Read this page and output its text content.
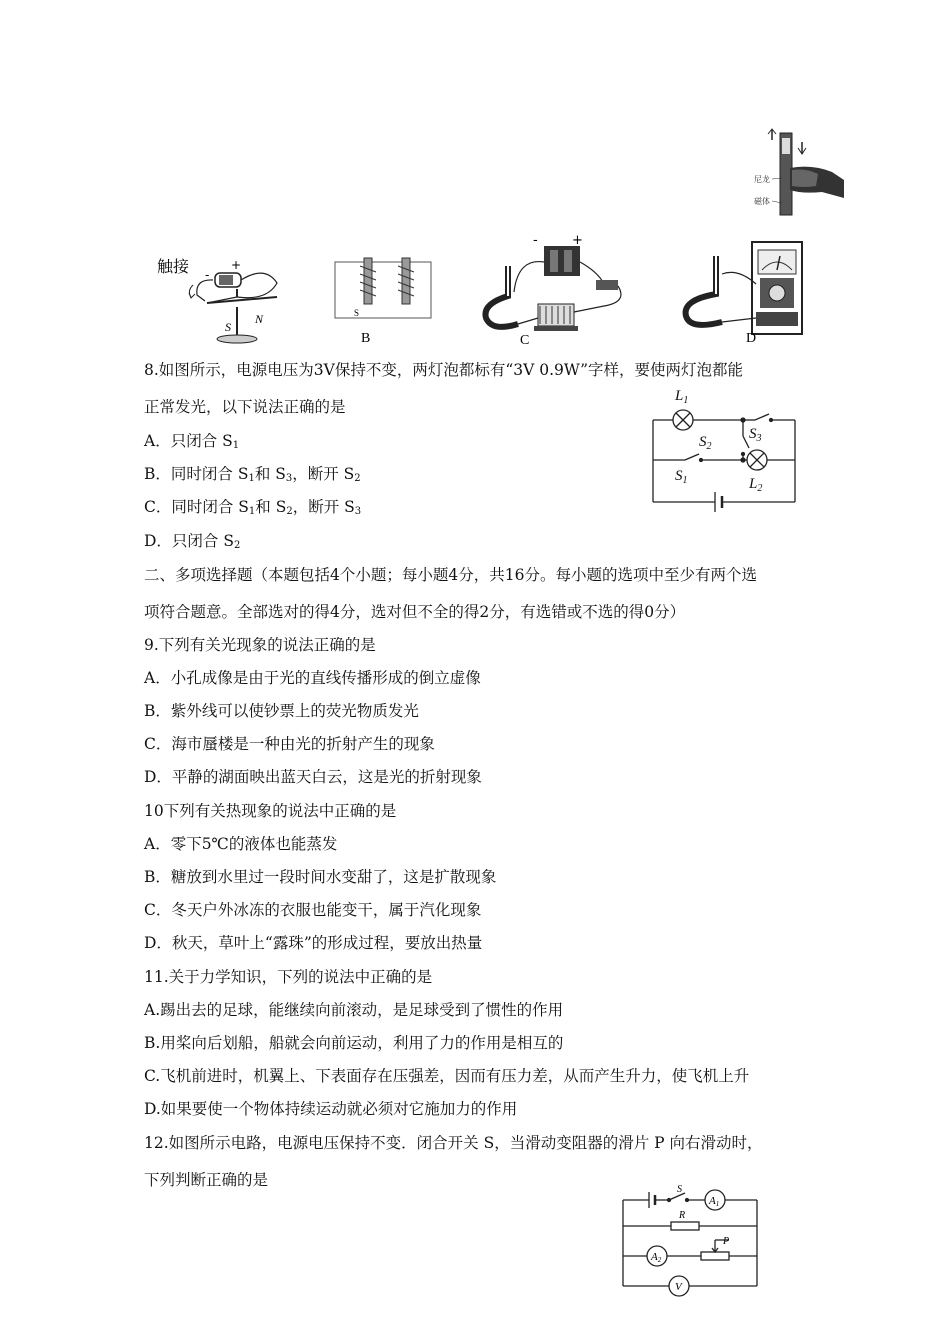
尼龙
磁体
触接 -
+
S
N	S
B
-	+
C	D
8.如图所示，电源电压为3V保持不变，两灯泡都标有“3V 0.9W”字样，要使两灯泡都能
正常发光，以下说法正确的是
A．只闭合 $S_1$
B．同时闭合 $S_1$和 $S_3$，断开 $S_2$
C．同时闭合 $S_1$和 $S_2$，断开 $S_3$
D．只闭合 $S_2$
$L_1$
$S_2$
$S_3$
$S_1$	$L_2$
二、多项选择题（本题包括4个小题；每小题4分，共16分。每小题的选项中至少有两个选
项符合题意。全部选对的得4分，选对但不全的得2分，有选错或不选的得0分）
9.下列有关光现象的说法正确的是
A．小孔成像是由于光的直线传播形成的倒立虚像
B．紫外线可以使钞票上的荧光物质发光
C．海市蜃楼是一种由光的折射产生的现象
D．平静的湖面映出蓝天白云，这是光的折射现象
10下列有关热现象的说法中正确的是
A．零下5℃的液体也能蒸发
B．糖放到水里过一段时间水变甜了，这是扩散现象
C．冬天户外冰冻的衣服也能变干，属于汽化现象
D．秋天，草叶上“露珠”的形成过程，要放出热量
11.关于力学知识，下列的说法中正确的是
A.踢出去的足球，能继续向前滚动，是足球受到了惯性的作用
B.用桨向后划船，船就会向前运动，利用了力的作用是相互的
C.飞机前进时，机翼上、下表面存在压强差，因而有压力差，从而产生升力，使飞机上升
D.如果要使一个物体持续运动就必须对它施加力的作用
12.如图所示电路，电源电压保持不变．闭合开关 S，当滑动变阻器的滑片 P 向右滑动时，
下列判断正确的是
S
A1
R
A2
P
V
